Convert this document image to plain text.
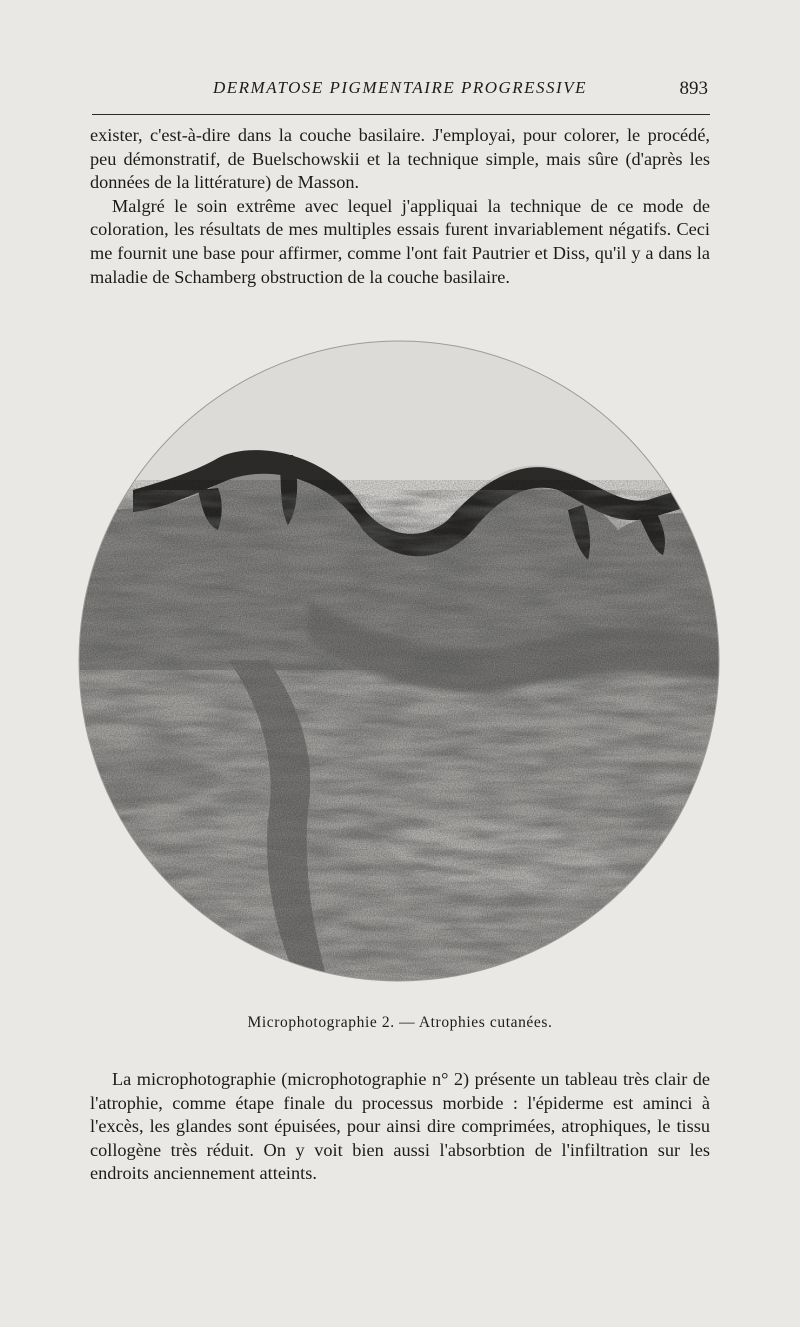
DERMATOSE PIGMENTAIRE PROGRESSIVE	893

exister, c'est-à-dire dans la couche basilaire. J'employai, pour colorer, le procédé, peu démonstratif, de Buelschowskii et la technique simple, mais sûre (d'après les données de la littérature) de Masson.

Malgré le soin extrême avec lequel j'appliquai la technique de ce mode de coloration, les résultats de mes multiples essais furent invariablement négatifs. Ceci me fournit une base pour affirmer, comme l'ont fait Pautrier et Diss, qu'il y a dans la maladie de Schamberg obstruction de la couche basilaire.

Microphotographie 2. — Atrophies cutanées.

La microphotographie (microphotographie n° 2) présente un tableau très clair de l'atrophie, comme étape finale du processus morbide : l'épiderme est aminci à l'excès, les glandes sont épuisées, pour ainsi dire comprimées, atrophiques, le tissu collogène très réduit. On y voit bien aussi l'absorbtion de l'infiltration sur les endroits anciennement atteints.
